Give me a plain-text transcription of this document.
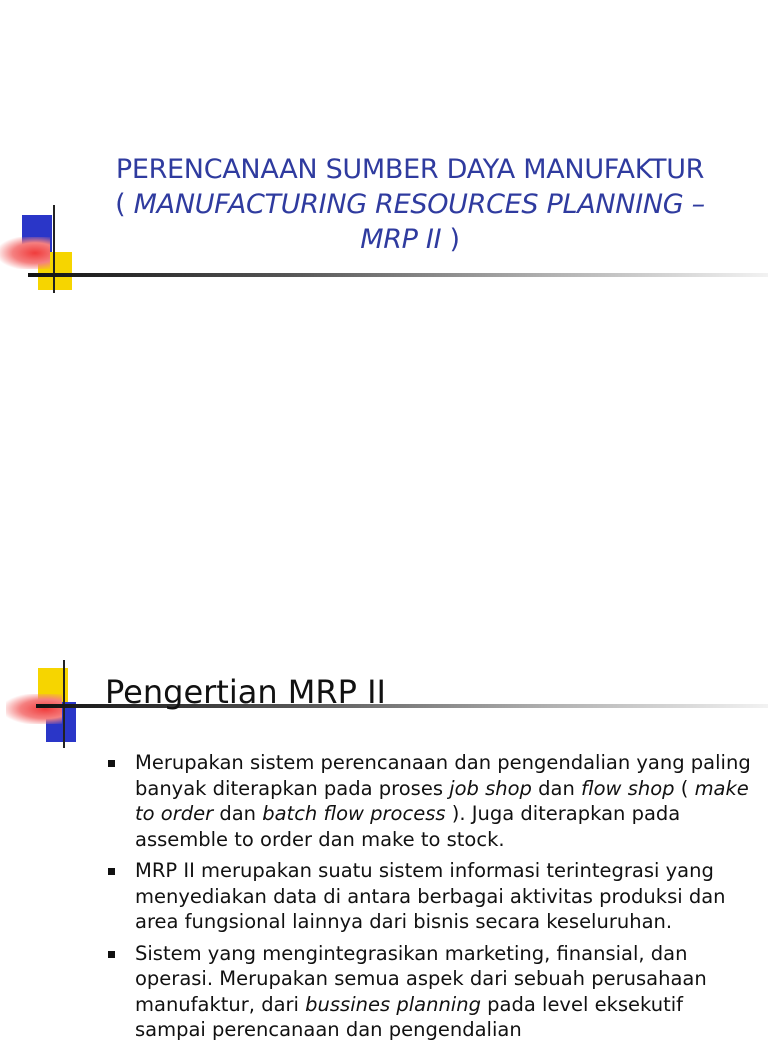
PERENCANAAN SUMBER DAYA MANUFAKTUR
( MANUFACTURING RESOURCES PLANNING –
MRP II )
Pengertian MRP II
Merupakan sistem perencanaan dan pengendalian yang paling banyak diterapkan pada proses job shop dan flow shop ( make to order dan batch flow process ). Juga diterapkan pada assemble to order dan make to stock.
MRP II merupakan suatu sistem informasi terintegrasi yang menyediakan data di antara berbagai aktivitas produksi dan area fungsional lainnya dari bisnis secara keseluruhan.
Sistem yang mengintegrasikan marketing, finansial, dan operasi. Merupakan semua aspek dari sebuah perusahaan manufaktur, dari bussines planning pada level eksekutif sampai perencanaan dan pengendalian
